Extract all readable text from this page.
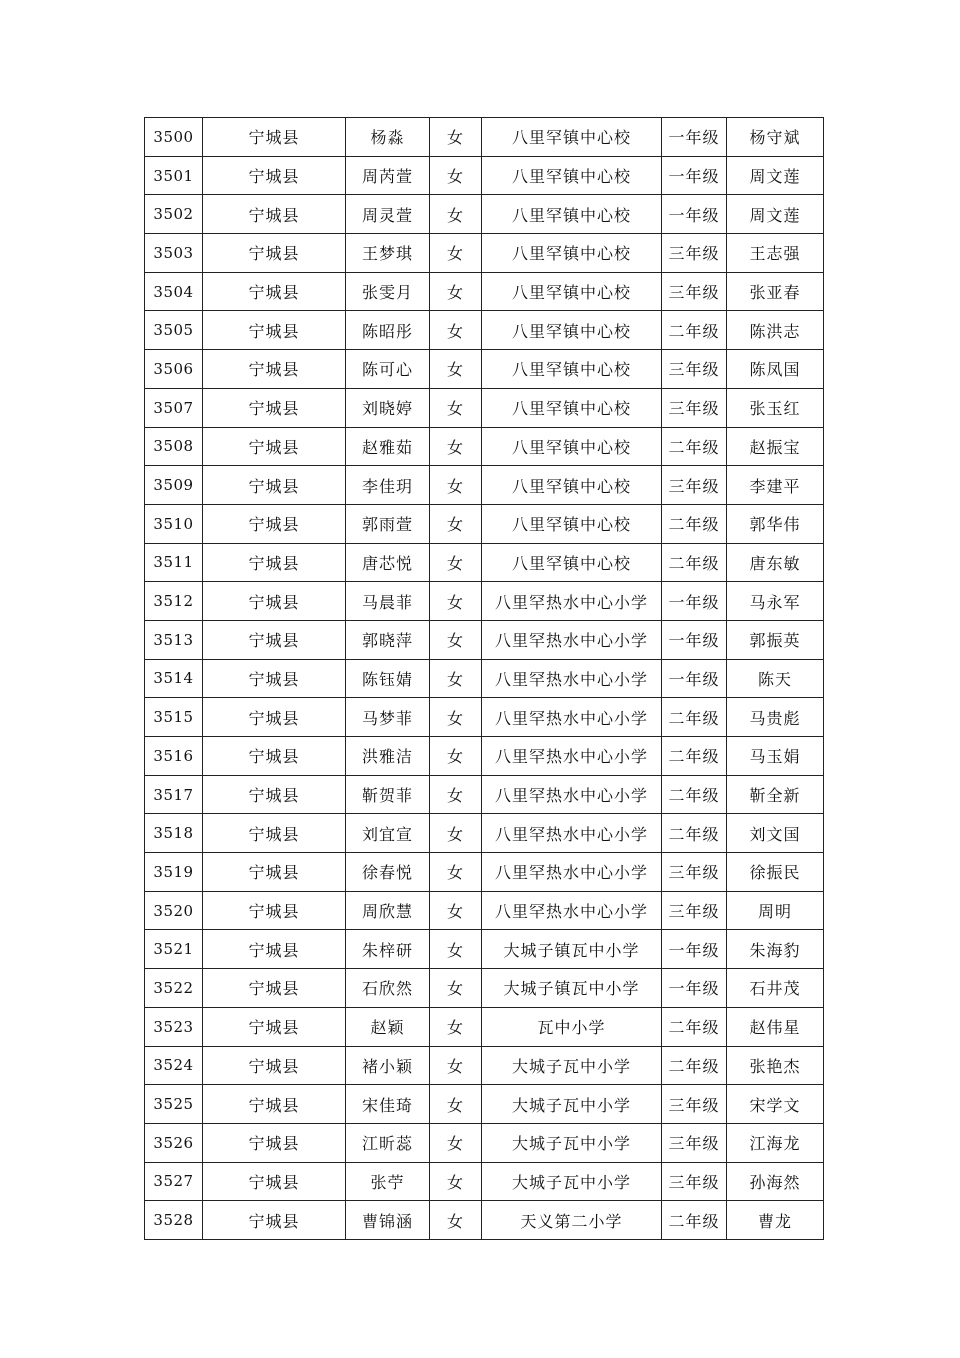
3500	宁城县	杨淼	女	八里罕镇中心校	一年级	杨守斌
3501	宁城县	周芮萱	女	八里罕镇中心校	一年级	周文莲
3502	宁城县	周灵萱	女	八里罕镇中心校	一年级	周文莲
3503	宁城县	王梦琪	女	八里罕镇中心校	三年级	王志强
3504	宁城县	张雯月	女	八里罕镇中心校	三年级	张亚春
3505	宁城县	陈昭彤	女	八里罕镇中心校	二年级	陈洪志
3506	宁城县	陈可心	女	八里罕镇中心校	三年级	陈凤国
3507	宁城县	刘晓婷	女	八里罕镇中心校	三年级	张玉红
3508	宁城县	赵雅茹	女	八里罕镇中心校	二年级	赵振宝
3509	宁城县	李佳玥	女	八里罕镇中心校	三年级	李建平
3510	宁城县	郭雨萱	女	八里罕镇中心校	二年级	郭华伟
3511	宁城县	唐芯悦	女	八里罕镇中心校	二年级	唐东敏
3512	宁城县	马晨菲	女	八里罕热水中心小学	一年级	马永军
3513	宁城县	郭晓萍	女	八里罕热水中心小学	一年级	郭振英
3514	宁城县	陈钰婧	女	八里罕热水中心小学	一年级	陈天
3515	宁城县	马梦菲	女	八里罕热水中心小学	二年级	马贵彪
3516	宁城县	洪雅洁	女	八里罕热水中心小学	二年级	马玉娟
3517	宁城县	靳贺菲	女	八里罕热水中心小学	二年级	靳全新
3518	宁城县	刘宜宣	女	八里罕热水中心小学	二年级	刘文国
3519	宁城县	徐春悦	女	八里罕热水中心小学	三年级	徐振民
3520	宁城县	周欣慧	女	八里罕热水中心小学	三年级	周明
3521	宁城县	朱梓研	女	大城子镇瓦中小学	一年级	朱海豹
3522	宁城县	石欣然	女	大城子镇瓦中小学	一年级	石井茂
3523	宁城县	赵颖	女	瓦中小学	二年级	赵伟星
3524	宁城县	褚小颖	女	大城子瓦中小学	二年级	张艳杰
3525	宁城县	宋佳琦	女	大城子瓦中小学	三年级	宋学文
3526	宁城县	江昕蕊	女	大城子瓦中小学	三年级	江海龙
3527	宁城县	张苧	女	大城子瓦中小学	三年级	孙海然
3528	宁城县	曹锦涵	女	天义第二小学	二年级	曹龙
